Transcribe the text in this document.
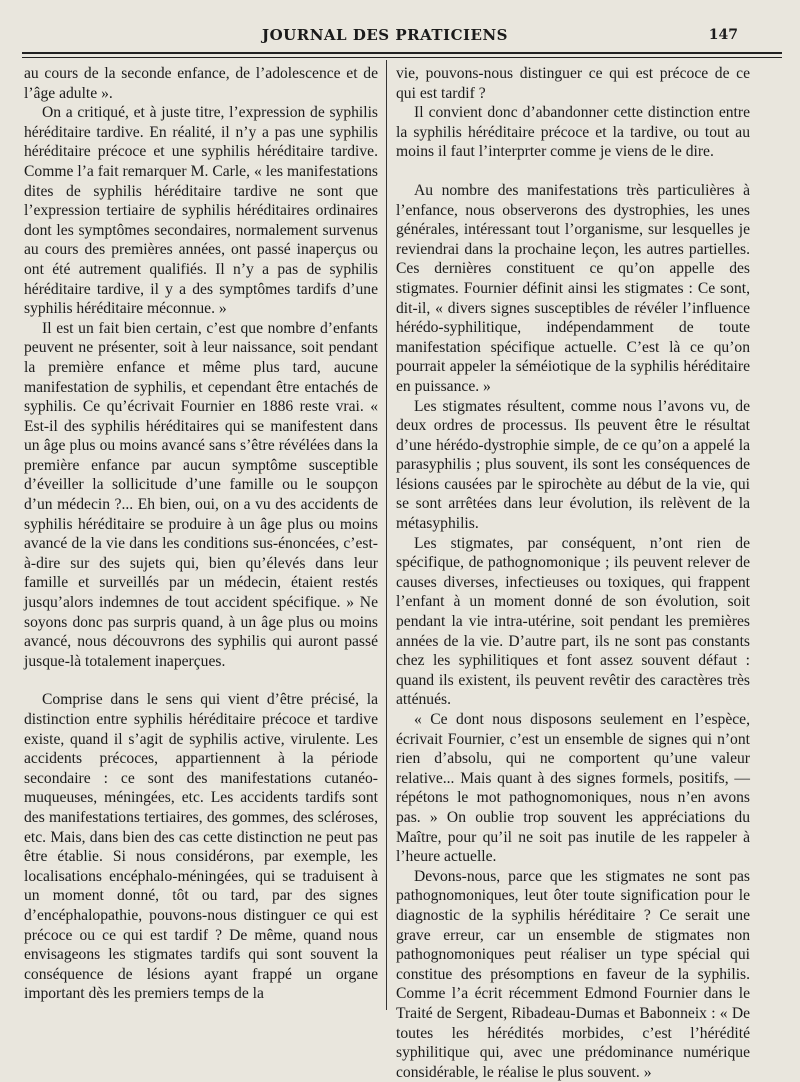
JOURNAL DES PRATICIENS	147

au cours de la seconde enfance, de l’adolescence et de l’âge adulte ».

On a critiqué, et à juste titre, l’expression de syphilis héréditaire tardive. En réalité, il n’y a pas une syphilis héréditaire précoce et une syphilis héréditaire tardive. Comme l’a fait remarquer M. Carle, « les manifestations dites de syphilis héréditaire tardive ne sont que l’expression tertiaire de syphilis héréditaires ordinaires dont les symptômes secondaires, normalement survenus au cours des premières années, ont passé inaperçus ou ont été autrement qualifiés. Il n’y a pas de syphilis héréditaire tardive, il y a des symptômes tardifs d’une syphilis héréditaire méconnue. »

Il est un fait bien certain, c’est que nombre d’enfants peuvent ne présenter, soit à leur naissance, soit pendant la première enfance et même plus tard, aucune manifestation de syphilis, et cependant être entachés de syphilis. Ce qu’écrivait Fournier en 1886 reste vrai. « Est-il des syphilis héréditaires qui se manifestent dans un âge plus ou moins avancé sans s’être révélées dans la première enfance par aucun symptôme susceptible d’éveiller la sollicitude d’une famille ou le soupçon d’un médecin ?... Eh bien, oui, on a vu des accidents de syphilis héréditaire se produire à un âge plus ou moins avancé de la vie dans les conditions sus-énoncées, c’est-à-dire sur des sujets qui, bien qu’élevés dans leur famille et surveillés par un médecin, étaient restés jusqu’alors indemnes de tout accident spécifique. » Ne soyons donc pas surpris quand, à un âge plus ou moins avancé, nous découvrons des syphilis qui auront passé jusque-là totalement inaperçues.

Comprise dans le sens qui vient d’être précisé, la distinction entre syphilis héréditaire précoce et tardive existe, quand il s’agit de syphilis active, virulente. Les accidents précoces, appartiennent à la période secondaire : ce sont des manifestations cutanéo-muqueuses, méningées, etc. Les accidents tardifs sont des manifestations tertiaires, des gommes, des scléroses, etc. Mais, dans bien des cas cette distinction ne peut pas être établie. Si nous considérons, par exemple, les localisations encéphalo-méningées, qui se traduisent à un moment donné, tôt ou tard, par des signes d’encéphalopathie, pouvons-nous distinguer ce qui est précoce ou ce qui est tardif ? De même, quand nous envisageons les stigmates tardifs qui sont souvent la conséquence de lésions ayant frappé un organe important dès les premiers temps de la

vie, pouvons-nous distinguer ce qui est précoce de ce qui est tardif ?

Il convient donc d’abandonner cette distinction entre la syphilis héréditaire précoce et la tardive, ou tout au moins il faut l’interprter comme je viens de le dire.

Au nombre des manifestations très particulières à l’enfance, nous observerons des dystrophies, les unes générales, intéressant tout l’organisme, sur lesquelles je reviendrai dans la prochaine leçon, les autres partielles. Ces dernières constituent ce qu’on appelle des stigmates. Fournier définit ainsi les stigmates : Ce sont, dit-il, « divers signes susceptibles de révéler l’influence hérédo-syphilitique, indépendamment de toute manifestation spécifique actuelle. C’est là ce qu’on pourrait appeler la séméiotique de la syphilis héréditaire en puissance. »

Les stigmates résultent, comme nous l’avons vu, de deux ordres de processus. Ils peuvent être le résultat d’une hérédo-dystrophie simple, de ce qu’on a appelé la parasyphilis ; plus souvent, ils sont les conséquences de lésions causées par le spirochète au début de la vie, qui se sont arrêtées dans leur évolution, ils relèvent de la métasyphilis.

Les stigmates, par conséquent, n’ont rien de spécifique, de pathognomonique ; ils peuvent relever de causes diverses, infectieuses ou toxiques, qui frappent l’enfant à un moment donné de son évolution, soit pendant la vie intra-utérine, soit pendant les premières années de la vie. D’autre part, ils ne sont pas constants chez les syphilitiques et font assez souvent défaut : quand ils existent, ils peuvent revêtir des caractères très atténués.

« Ce dont nous disposons seulement en l’espèce, écrivait Fournier, c’est un ensemble de signes qui n’ont rien d’absolu, qui ne comportent qu’une valeur relative... Mais quant à des signes formels, positifs, — répétons le mot pathognomoniques, nous n’en avons pas. » On oublie trop souvent les appréciations du Maître, pour qu’il ne soit pas inutile de les rappeler à l’heure actuelle.

Devons-nous, parce que les stigmates ne sont pas pathognomoniques, leut ôter toute signification pour le diagnostic de la syphilis héréditaire ? Ce serait une grave erreur, car un ensemble de stigmates non pathognomoniques peut réaliser un type spécial qui constitue des présomptions en faveur de la syphilis. Comme l’a écrit récemment Edmond Fournier dans le Traité de Sergent, Ribadeau-Dumas et Babonneix : « De toutes les hérédités morbides, c’est l’hérédité syphilitique qui, avec une prédominance numérique considérable, le réalise le plus souvent. »
